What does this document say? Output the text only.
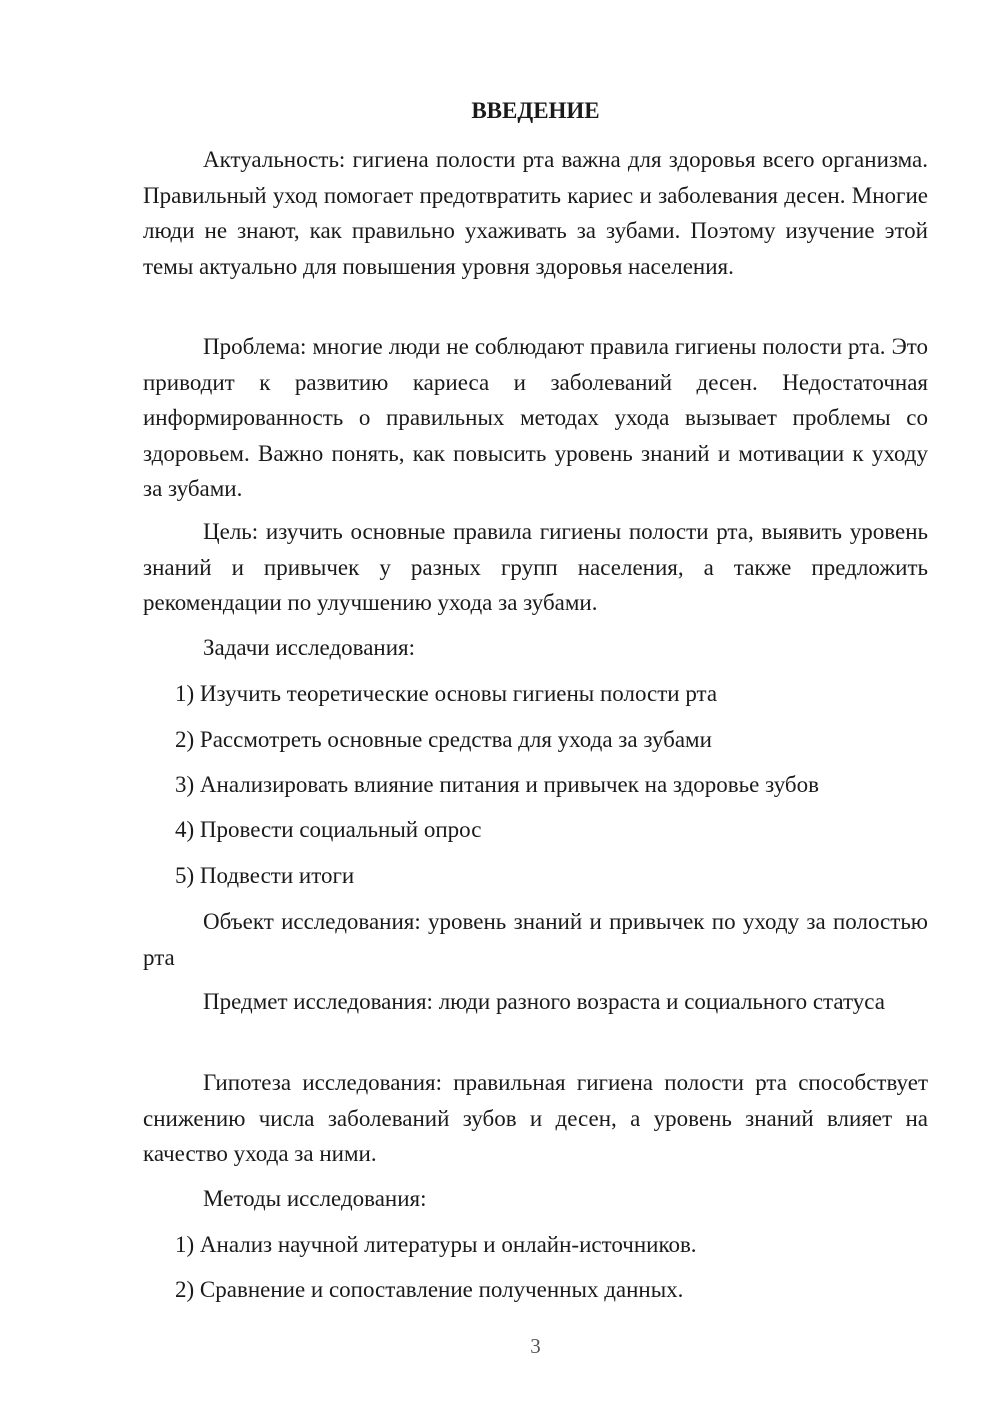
ВВЕДЕНИЕ

Актуальность: гигиена полости рта важна для здоровья всего организма. Правильный уход помогает предотвратить кариес и заболевания десен. Многие люди не знают, как правильно ухаживать за зубами. Поэтому изучение этой темы актуально для повышения уровня здоровья населения.

Проблема: многие люди не соблюдают правила гигиены полости рта. Это приводит к развитию кариеса и заболеваний десен. Недостаточная информированность о правильных методах ухода вызывает проблемы со здоровьем. Важно понять, как повысить уровень знаний и мотивации к уходу за зубами.

Цель: изучить основные правила гигиены полости рта, выявить уровень знаний и привычек у разных групп населения, а также предложить рекомендации по улучшению ухода за зубами.

Задачи исследования:

1) Изучить теоретические основы гигиены полости рта

2) Рассмотреть основные средства для ухода за зубами

3) Анализировать влияние питания и привычек на здоровье зубов

4) Провести социальный опрос

5) Подвести итоги

Объект исследования: уровень знаний и привычек по уходу за полостью рта

Предмет исследования: люди разного возраста и социального статуса

Гипотеза исследования: правильная гигиена полости рта способствует снижению числа заболеваний зубов и десен, а уровень знаний влияет на качество ухода за ними.

Методы исследования:

1) Анализ научной литературы и онлайн-источников.

2) Сравнение и сопоставление полученных данных.

3
